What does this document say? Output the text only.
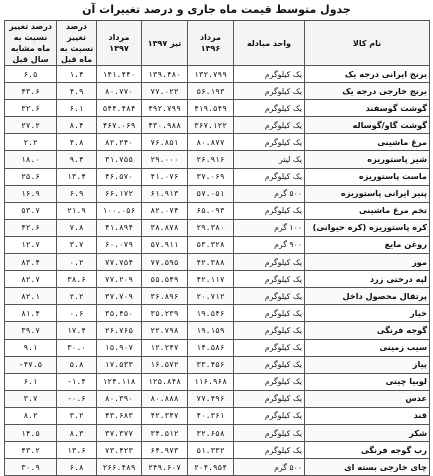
جدول متوسط قیمت ماه جاری و درصد تغییرات آن
نام کالا	واحد مبادله	مرداد ۱۳۹۶	تیر ۱۳۹۷	مرداد ۱۳۹۷	درصد تغییر نسبت به ماه قبل	درصد تغییر نسبت به ماه مشابه سال قبل
برنج ایرانی درجه یک	یک کیلوگرم	۱۳۲.۷۹۹	۱۳۹.۴۸۰	۱۴۱.۴۴۰	۱.۴	۶.۵
برنج خارجی درجه یک	یک کیلوگرم	۵۶.۱۹۳	۷۷.۰۲۲	۸۰.۷۷۰	۴.۹	۴۳.۶
گوشت گوسفند	یک کیلوگرم	۴۱۹.۵۴۹	۴۹۲.۷۹۹	۵۴۴.۴۸۴	۶.۱	۳۲.۶
گوشت گاو/گوساله	یک کیلوگرم	۳۶۷.۱۲۲	۴۳۰.۹۸۸	۴۶۷.۰۶۹	۸.۴	۲۷.۲
مرغ ماشینی	یک کیلوگرم	۸۰.۸۷۷	۷۶.۸۵۱	۸۲.۲۴۰	۴.۸	۲.۲
شیر پاستوریزه	یک لیتر	۲۶.۹۱۶	۲۹.۰۰۰	۳۱.۷۵۵	۹.۴	۱۸.۰
ماست پاستوریزه	یک کیلوگرم	۳۷.۰۶۹	۴۱.۰۷۶	۴۶.۵۷۰	۱۳.۴	۲۵.۶
پنیر ایرانی پاستوریزه	۵۰۰ گرم	۵۷.۰۵۱	۶۱.۹۱۳	۶۶.۱۷۲	۶.۹	۱۶.۹
تخم مرغ ماشینی	یک کیلوگرم	۶۵.۰۹۳	۸۲.۰۷۴	۱۰۰.۰۵۶	۲۱.۹	۵۳.۷
کره پاستوریزه (کره حیوانی)	۱۰۰ گرم	۲۹.۳۸۰	۳۸.۸۷۸	۴۱.۸۹۴	۷.۸	۴۲.۶
روغن مایع	۹۰۰ گرم	۵۳.۳۲۸	۵۷.۹۱۱	۶۰.۰۷۹	۳.۷	۱۲.۷
موز	یک کیلوگرم	۴۲.۳۸۸	۷۷.۵۹۵	۷۷.۷۵۴	۰.۲	۸۳.۴
لپه درختی زرد	یک کیلوگرم	۴۲.۱۱۷	۵۵.۵۴۹	۷۷.۲۰۹	۳۸.۶	۸۲.۷
پرتقال محصول داخل	یک کیلوگرم	۲۰.۷۱۲	۳۶.۸۹۶	۳۷.۷۰۹	۲.۲	۸۲.۱
خیار	یک کیلوگرم	۱۹.۵۴۶	۳۵.۲۳۹	۳۵.۴۵۰	۰.۶	۸۱.۴
گوجه فرنگی	یک کیلوگرم	۱۹.۱۵۹	۲۲.۷۹۸	۲۶.۷۶۵	۱۷.۴	۳۹.۷
سیب زمینی	یک کیلوگرم	۱۴.۵۸۶	۱۲.۲۴۷	۱۵.۹۰۷	۳۰.۰	۹.۱
پیاز	یک کیلوگرم	۳۳.۴۵۶	۱۶.۵۷۲	۱۷.۵۳۳	۵.۸	۴۷.۵-
لوبیا چیتی	یک کیلوگرم	۱۱۶.۹۶۸	۱۲۵.۸۴۸	۱۲۴.۱۱۸	۱.۴-	۶.۱
عدس	یک کیلوگرم	۷۷.۴۹۶	۸۰.۸۸۸	۸۰.۳۹۰	۰.۶-	۳.۷
قند	یک کیلوگرم	۴۰.۳۶۱	۴۲.۳۴۷	۴۳.۶۸۳	۳.۲	۸.۲
شکر	یک کیلوگرم	۳۲.۶۵۸	۳۴.۵۱۲	۳۷.۳۷۷	۸.۳	۱۴.۵
رب گوجه فرنگی	یک کیلوگرم	۵۱.۳۳۲	۶۴.۹۷۳	۷۳.۴۲۳	۱۳.۶	۴۳.۲
چای خارجی بسته ای	۵۰۰ گرم	۲۰۴.۹۵۴	۲۴۹.۶۰۷	۲۶۶.۴۸۹	۶.۸	۳۰.۹
